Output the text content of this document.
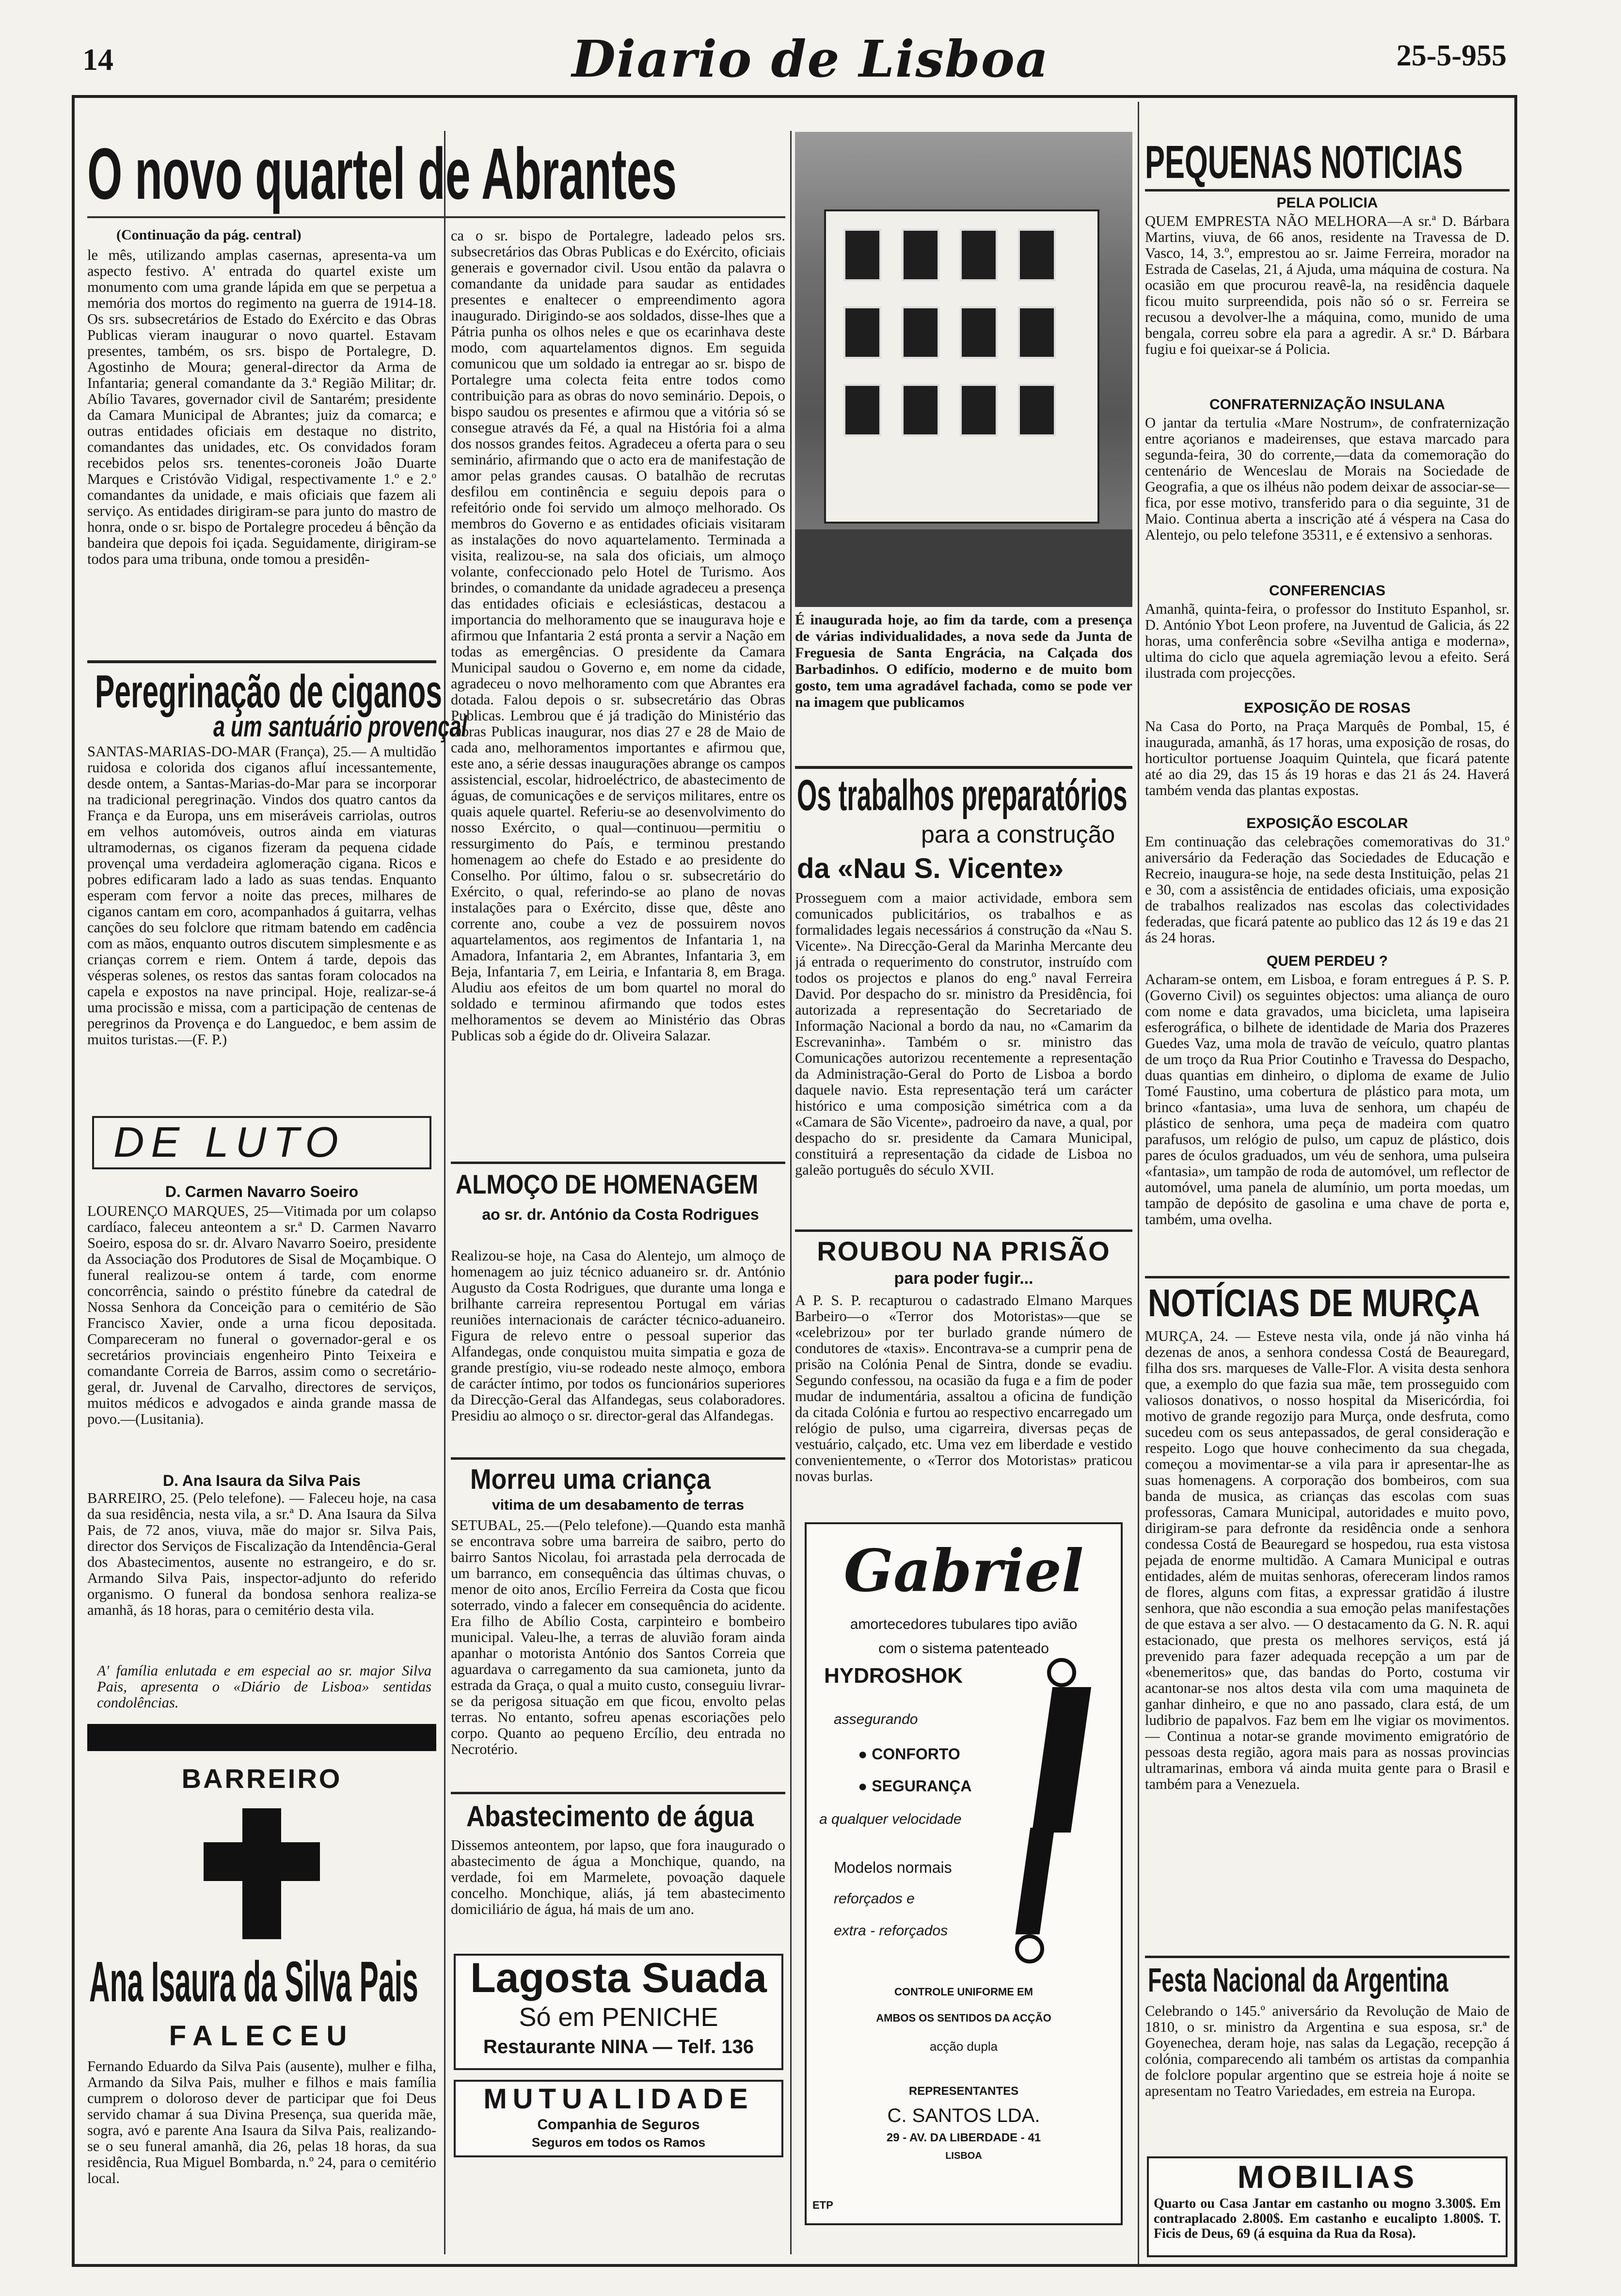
14	Diario de Lisboa	25-5-955
O novo quartel de Abrantes
(Continuação da pág. central)
le mês, utilizando amplas casernas, apresenta-va um aspecto festivo. A' entrada do quartel existe um monumento com uma grande lápida em que se perpetua a memória dos mortos do regimento na guerra de 1914-18. Os srs. subsecretários de Estado do Exército e das Obras Publicas vieram inaugurar o novo quartel. Estavam presentes, também, os srs. bispo de Portalegre, D. Agostinho de Moura; general-director da Arma de Infantaria; general comandante da 3.ª Região Militar; dr. Abílio Tavares, governador civil de Santarém; presidente da Camara Municipal de Abrantes; juiz da comarca; e outras entidades oficiais em destaque no distrito, comandantes das unidades, etc. Os convidados foram recebidos pelos srs. tenentes-coroneis João Duarte Marques e Cristóvão Vidigal, respectivamente 1.º e 2.º comandantes da unidade, e mais oficiais que fazem ali serviço. As entidades dirigiram-se para junto do mastro de honra, onde o sr. bispo de Portalegre procedeu á bênção da bandeira que depois foi içada. Seguidamente, dirigiram-se todos para uma tribuna, onde tomou a presidên-
Peregrinação de ciganos
a um santuário provençal
SANTAS-MARIAS-DO-MAR (França), 25.— A multidão ruidosa e colorida dos ciganos afluí incessantemente, desde ontem, a Santas-Marias-do-Mar para se incorporar na tradicional peregrinação. Vindos dos quatro cantos da França e da Europa, uns em miseráveis carriolas, outros em velhos automóveis, outros ainda em viaturas ultramodernas, os ciganos fizeram da pequena cidade provençal uma verdadeira aglomeração cigana. Ricos e pobres edificaram lado a lado as suas tendas. Enquanto esperam com fervor a noite das preces, milhares de ciganos cantam em coro, acompanhados á guitarra, velhas canções do seu folclore que ritmam batendo em cadência com as mãos, enquanto outros discutem simplesmente e as crianças correm e riem. Ontem á tarde, depois das vésperas solenes, os restos das santas foram colocados na capela e expostos na nave principal. Hoje, realizar-se-á uma procissão e missa, com a participação de centenas de peregrinos da Provença e do Languedoc, e bem assim de muitos turistas.—(F. P.)
DE LUTO
D. Carmen Navarro Soeiro
LOURENÇO MARQUES, 25—Vitimada por um colapso cardíaco, faleceu anteontem a sr.ª D. Carmen Navarro Soeiro, esposa do sr. dr. Alvaro Navarro Soeiro, presidente da Associação dos Produtores de Sisal de Moçambique. O funeral realizou-se ontem á tarde, com enorme concorrência, saindo o préstito fúnebre da catedral de Nossa Senhora da Conceição para o cemitério de São Francisco Xavier, onde a urna ficou depositada. Compareceram no funeral o governador-geral e os secretários provinciais engenheiro Pinto Teixeira e comandante Correia de Barros, assim como o secretário-geral, dr. Juvenal de Carvalho, directores de serviços, muitos médicos e advogados e ainda grande massa de povo.—(Lusitania).
D. Ana Isaura da Silva Pais
BARREIRO, 25. (Pelo telefone). — Faleceu hoje, na casa da sua residência, nesta vila, a sr.ª D. Ana Isaura da Silva Pais, de 72 anos, viuva, mãe do major sr. Silva Pais, director dos Serviços de Fiscalização da Intendência-Geral dos Abastecimentos, ausente no estrangeiro, e do sr. Armando Silva Pais, inspector-adjunto do referido organismo. O funeral da bondosa senhora realiza-se amanhã, ás 18 horas, para o cemitério desta vila.
A' família enlutada e em especial ao sr. major Silva Pais, apresenta o «Diário de Lisboa» sentidas condolências.
BARREIRO
Ana Isaura da Silva Pais
FALECEU
Fernando Eduardo da Silva Pais (ausente), mulher e filha, Armando da Silva Pais, mulher e filhos e mais família cumprem o doloroso dever de participar que foi Deus servido chamar á sua Divina Presença, sua querida mãe, sogra, avó e parente Ana Isaura da Silva Pais, realizando-se o seu funeral amanhã, dia 26, pelas 18 horas, da sua residência, Rua Miguel Bombarda, n.º 24, para o cemitério local.
ca o sr. bispo de Portalegre, ladeado pelos srs. subsecretários das Obras Publicas e do Exército, oficiais generais e governador civil. Usou então da palavra o comandante da unidade para saudar as entidades presentes e enaltecer o empreendimento agora inaugurado. Dirigindo-se aos soldados, disse-lhes que a Pátria punha os olhos neles e que os ecarinhava deste modo, com aquartelamentos dignos. Em seguida comunicou que um soldado ia entregar ao sr. bispo de Portalegre uma colecta feita entre todos como contribuição para as obras do novo seminário. Depois, o bispo saudou os presentes e afirmou que a vitória só se consegue através da Fé, a qual na História foi a alma dos nossos grandes feitos. Agradeceu a oferta para o seu seminário, afirmando que o acto era de manifestação de amor pelas grandes causas. O batalhão de recrutas desfilou em continência e seguiu depois para o refeitório onde foi servido um almoço melhorado. Os membros do Governo e as entidades oficiais visitaram as instalações do novo aquartelamento. Terminada a visita, realizou-se, na sala dos oficiais, um almoço volante, confeccionado pelo Hotel de Turismo. Aos brindes, o comandante da unidade agradeceu a presença das entidades oficiais e eclesiásticas, destacou a importancia do melhoramento que se inaugurava hoje e afirmou que Infantaria 2 está pronta a servir a Nação em todas as emergências. O presidente da Camara Municipal saudou o Governo e, em nome da cidade, agradeceu o novo melhoramento com que Abrantes era dotada. Falou depois o sr. subsecretário das Obras Publicas. Lembrou que é já tradição do Ministério das Obras Publicas inaugurar, nos dias 27 e 28 de Maio de cada ano, melhoramentos importantes e afirmou que, este ano, a série dessas inaugurações abrange os campos assistencial, escolar, hidroeléctrico, de abastecimento de águas, de comunicações e de serviços militares, entre os quais aquele quartel. Referiu-se ao desenvolvimento do nosso Exército, o qual—continuou—permitiu o ressurgimento do País, e terminou prestando homenagem ao chefe do Estado e ao presidente do Conselho. Por último, falou o sr. subsecretário do Exército, o qual, referindo-se ao plano de novas instalações para o Exército, disse que, dêste ano corrente ano, coube a vez de possuirem novos aquartelamentos, aos regimentos de Infantaria 1, na Amadora, Infantaria 2, em Abrantes, Infantaria 3, em Beja, Infantaria 7, em Leiria, e Infantaria 8, em Braga. Aludiu aos efeitos de um bom quartel no moral do soldado e terminou afirmando que todos estes melhoramentos se devem ao Ministério das Obras Publicas sob a égide do dr. Oliveira Salazar.
ALMOÇO DE HOMENAGEM
ao sr. dr. António da Costa Rodrigues
Realizou-se hoje, na Casa do Alentejo, um almoço de homenagem ao juiz técnico aduaneiro sr. dr. António Augusto da Costa Rodrigues, que durante uma longa e brilhante carreira representou Portugal em várias reuniões internacionais de carácter técnico-aduaneiro. Figura de relevo entre o pessoal superior das Alfandegas, onde conquistou muita simpatia e goza de grande prestígio, viu-se rodeado neste almoço, embora de carácter íntimo, por todos os funcionários superiores da Direcção-Geral das Alfandegas, seus colaboradores. Presidiu ao almoço o sr. director-geral das Alfandegas.
Morreu uma criança
vitima de um desabamento de terras
SETUBAL, 25.—(Pelo telefone).—Quando esta manhã se encontrava sobre uma barreira de saibro, perto do bairro Santos Nicolau, foi arrastada pela derrocada de um barranco, em consequência das últimas chuvas, o menor de oito anos, Ercílio Ferreira da Costa que ficou soterrado, vindo a falecer em consequência do acidente. Era filho de Abílio Costa, carpinteiro e bombeiro municipal. Valeu-lhe, a terras de aluvião foram ainda apanhar o motorista António dos Santos Correia que aguardava o carregamento da sua camioneta, junto da estrada da Graça, o qual a muito custo, conseguiu livrar-se da perigosa situação em que ficou, envolto pelas terras. No entanto, sofreu apenas escoriações pelo corpo. Quanto ao pequeno Ercílio, deu entrada no Necrotério.
Abastecimento de água
Dissemos anteontem, por lapso, que fora inaugurado o abastecimento de água a Monchique, quando, na verdade, foi em Marmelete, povoação daquele concelho. Monchique, aliás, já tem abastecimento domiciliário de água, há mais de um ano.
Lagosta Suada
Só em PENICHE
Restaurante NINA — Telf. 136
MUTUALIDADE
Companhia de Seguros
Seguros em todos os Ramos
É inaugurada hoje, ao fim da tarde, com a presença de várias individualidades, a nova sede da Junta de Freguesia de Santa Engrácia, na Calçada dos Barbadinhos. O edifício, moderno e de muito bom gosto, tem uma agradável fachada, como se pode ver na imagem que publicamos
Os trabalhos preparatórios
para a construção
da «Nau S. Vicente»
Prosseguem com a maior actividade, embora sem comunicados publicitários, os trabalhos e as formalidades legais necessários á construção da «Nau S. Vicente». Na Direcção-Geral da Marinha Mercante deu já entrada o requerimento do construtor, instruído com todos os projectos e planos do eng.º naval Ferreira David. Por despacho do sr. ministro da Presidência, foi autorizada a representação do Secretariado de Informação Nacional a bordo da nau, no «Camarim da Escrevaninha». Também o sr. ministro das Comunicações autorizou recentemente a representação da Administração-Geral do Porto de Lisboa a bordo daquele navio. Esta representação terá um carácter histórico e uma composição simétrica com a da «Camara de São Vicente», padroeiro da nave, a qual, por despacho do sr. presidente da Camara Municipal, constituirá a representação da cidade de Lisboa no galeão português do século XVII.
ROUBOU NA PRISÃO
para poder fugir...
A P. S. P. recapturou o cadastrado Elmano Marques Barbeiro—o «Terror dos Motoristas»—que se «celebrizou» por ter burlado grande número de condutores de «taxis». Encontrava-se a cumprir pena de prisão na Colónia Penal de Sintra, donde se evadiu. Segundo confessou, na ocasião da fuga e a fim de poder mudar de indumentária, assaltou a oficina de fundição da citada Colónia e furtou ao respectivo encarregado um relógio de pulso, uma cigarreira, diversas peças de vestuário, calçado, etc. Uma vez em liberdade e vestido convenientemente, o «Terror dos Motoristas» praticou novas burlas.
Gabriel
amortecedores tubulares tipo avião
com o sistema patenteado
HYDROSHOK
assegurando
● CONFORTO
● SEGURANÇA
a qualquer velocidade
Modelos normais
reforçados e
extra - reforçados
CONTROLE UNIFORME EM
AMBOS OS SENTIDOS DA ACÇÃO
acção dupla
REPRESENTANTES
C. SANTOS LDA.
29 - AV. DA LIBERDADE - 41
LISBOA
ETP
PEQUENAS NOTICIAS
PELA POLICIA
QUEM EMPRESTA NÃO MELHORA—A sr.ª D. Bárbara Martins, viuva, de 66 anos, residente na Travessa de D. Vasco, 14, 3.º, emprestou ao sr. Jaime Ferreira, morador na Estrada de Caselas, 21, á Ajuda, uma máquina de costura. Na ocasião em que procurou reavê-la, na residência daquele ficou muito surpreendida, pois não só o sr. Ferreira se recusou a devolver-lhe a máquina, como, munido de uma bengala, correu sobre ela para a agredir. A sr.ª D. Bárbara fugiu e foi queixar-se á Policia.
CONFRATERNIZAÇÃO INSULANA
O jantar da tertulia «Mare Nostrum», de confraternização entre açorianos e madeirenses, que estava marcado para segunda-feira, 30 do corrente,—data da comemoração do centenário de Wenceslau de Morais na Sociedade de Geografia, a que os ilhéus não podem deixar de associar-se—fica, por esse motivo, transferido para o dia seguinte, 31 de Maio. Continua aberta a inscrição até á véspera na Casa do Alentejo, ou pelo telefone 35311, e é extensivo a senhoras.
CONFERENCIAS
Amanhã, quinta-feira, o professor do Instituto Espanhol, sr. D. António Ybot Leon profere, na Juventud de Galicia, ás 22 horas, uma conferência sobre «Sevilha antiga e moderna», ultima do ciclo que aquela agremiação levou a efeito. Será ilustrada com projecções.
EXPOSIÇÃO DE ROSAS
Na Casa do Porto, na Praça Marquês de Pombal, 15, é inaugurada, amanhã, ás 17 horas, uma exposição de rosas, do horticultor portuense Joaquim Quintela, que ficará patente até ao dia 29, das 15 ás 19 horas e das 21 ás 24. Haverá também venda das plantas expostas.
EXPOSIÇÃO ESCOLAR
Em continuação das celebrações comemorativas do 31.º aniversário da Federação das Sociedades de Educação e Recreio, inaugura-se hoje, na sede desta Instituição, pelas 21 e 30, com a assistência de entidades oficiais, uma exposição de trabalhos realizados nas escolas das colectividades federadas, que ficará patente ao publico das 12 ás 19 e das 21 ás 24 horas.
QUEM PERDEU ?
Acharam-se ontem, em Lisboa, e foram entregues á P. S. P. (Governo Civil) os seguintes objectos: uma aliança de ouro com nome e data gravados, uma bicicleta, uma lapiseira esferográfica, o bilhete de identidade de Maria dos Prazeres Guedes Vaz, uma mola de travão de veículo, quatro plantas de um troço da Rua Prior Coutinho e Travessa do Despacho, duas quantias em dinheiro, o diploma de exame de Julio Tomé Faustino, uma cobertura de plástico para mota, um brinco «fantasia», uma luva de senhora, um chapéu de plástico de senhora, uma peça de madeira com quatro parafusos, um relógio de pulso, um capuz de plástico, dois pares de óculos graduados, um véu de senhora, uma pulseira «fantasia», um tampão de roda de automóvel, um reflector de automóvel, uma panela de alumínio, um porta moedas, um tampão de depósito de gasolina e uma chave de porta e, também, uma ovelha.
NOTÍCIAS DE MURÇA
MURÇA, 24. — Esteve nesta vila, onde já não vinha há dezenas de anos, a senhora condessa Costá de Beauregard, filha dos srs. marqueses de Valle-Flor. A visita desta senhora que, a exemplo do que fazia sua mãe, tem prosseguido com valiosos donativos, o nosso hospital da Misericórdia, foi motivo de grande regozijo para Murça, onde desfruta, como sucedeu com os seus antepassados, de geral consideração e respeito. Logo que houve conhecimento da sua chegada, começou a movimentar-se a vila para ir apresentar-lhe as suas homenagens. A corporação dos bombeiros, com sua banda de musica, as crianças das escolas com suas professoras, Camara Municipal, autoridades e muito povo, dirigiram-se para defronte da residência onde a senhora condessa Costá de Beauregard se hospedou, rua esta vistosa pejada de enorme multidão. A Camara Municipal e outras entidades, além de muitas senhoras, ofereceram lindos ramos de flores, alguns com fitas, a expressar gratidão á ilustre senhora, que não escondia a sua emoção pelas manifestações de que estava a ser alvo. — O destacamento da G. N. R. aqui estacionado, que presta os melhores serviços, está já prevenido para fazer adequada recepção a um par de «benemeritos» que, das bandas do Porto, costuma vir acantonar-se nos altos desta vila com uma maquineta de ganhar dinheiro, e que no ano passado, clara está, de um ludibrio de papalvos. Faz bem em lhe vigiar os movimentos. — Continua a notar-se grande movimento emigratório de pessoas desta região, agora mais para as nossas provincias ultramarinas, embora vá ainda muita gente para o Brasil e também para a Venezuela.
Festa Nacional da Argentina
Celebrando o 145.º aniversário da Revolução de Maio de 1810, o sr. ministro da Argentina e sua esposa, sr.ª de Goyenechea, deram hoje, nas salas da Legação, recepção á colónia, comparecendo ali também os artistas da companhia de folclore popular argentino que se estreia hoje á noite se apresentam no Teatro Variedades, em estreia na Europa.
MOBILIAS
Quarto ou Casa Jantar em castanho ou mogno 3.300$. Em contraplacado 2.800$. Em castanho e eucalipto 1.800$. T. Ficis de Deus, 69 (á esquina da Rua da Rosa).
